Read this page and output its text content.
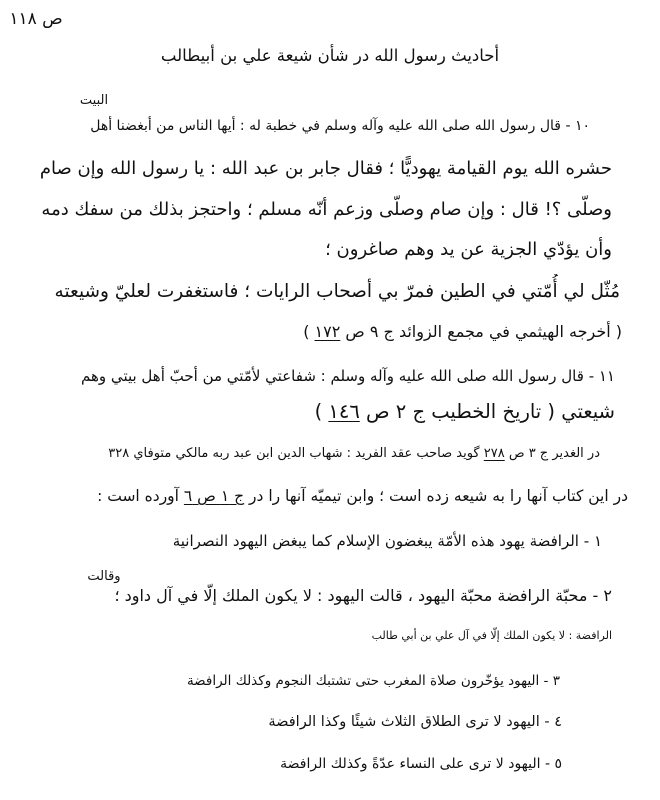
ص ١١٨
أحاديث رسول الله در شأن شيعة علي بن أبيطالب
١٠ - قال رسول الله صلى الله عليه وآله وسلم في خطبة له : أيها الناس من أبغضنا أهل
البيت
حشره الله يوم القيامة يهوديًّا ؛ فقال جابر بن عبد الله : يا رسول الله وإن صام
وصلّى ؟! قال : وإن صام وصلّى وزعم أنّه مسلم ؛ واحتجز بذلك من سفك دمه
وأن يؤدّي الجزية عن يد وهم صاغرون ؛
مُثّل لي أُمّتي في الطين فمرّ بي أصحاب الرايات ؛ فاستغفرت لعليّ وشيعته
( أخرجه الهيثمي في مجمع الزوائد ج ٩ ص ١٧٢ )
١١ - قال رسول الله صلى الله عليه وآله وسلم : شفاعتي لأمّتي من أحبّ أهل بيتي وهم
شيعتي ( تاريخ الخطيب ج ٢ ص ١٤٦ )
در الغدير ج ٣ ص ٢٧٨ گويد صاحب عقد الفريد : شهاب الدين ابن عبد ربه مالكي متوفاي ٣٢٨
در اين كتاب آنها را به شيعه زده است ؛ وابن تيميّه آنها را در ج ١ ص ٦ آورده است :
١ - الرافضة يهود هذه الأمّة يبغضون الإسلام كما يبغض اليهود النصرانية
٢ - محبّة الرافضة محبّة اليهود ، قالت اليهود : لا يكون الملك إلّا في آل داود ؛
وقالت
الرافضة : لا يكون الملك إلّا في آل علي بن أبي طالب
٣ - اليهود يؤخّرون صلاة المغرب حتى تشتبك النجوم وكذلك الرافضة
٤ - اليهود لا ترى الطلاق الثلاث شيئًا وكذا الرافضة
٥ - اليهود لا ترى على النساء عدّةً وكذلك الرافضة
